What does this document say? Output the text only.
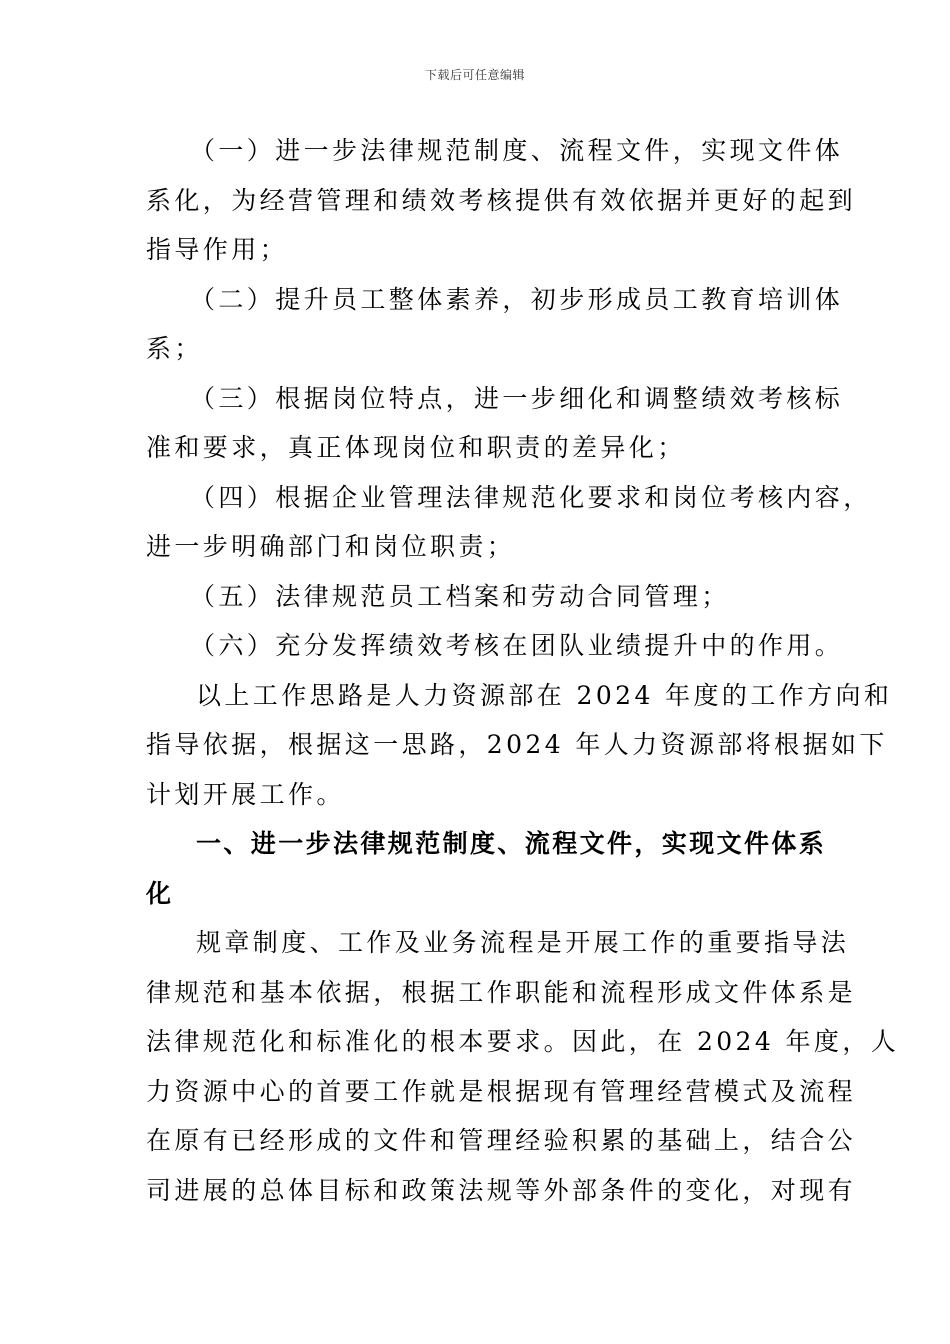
下载后可任意编辑
（一）进一步法律规范制度、流程文件，实现文件体
系化，为经营管理和绩效考核提供有效依据并更好的起到
指导作用；
（二）提升员工整体素养，初步形成员工教育培训体
系；
（三）根据岗位特点，进一步细化和调整绩效考核标
准和要求，真正体现岗位和职责的差异化；
（四）根据企业管理法律规范化要求和岗位考核内容，
进一步明确部门和岗位职责；
（五）法律规范员工档案和劳动合同管理；
（六）充分发挥绩效考核在团队业绩提升中的作用。
以上工作思路是人力资源部在 2024 年度的工作方向和
指导依据，根据这一思路，2024 年人力资源部将根据如下
计划开展工作。
一、进一步法律规范制度、流程文件，实现文件体系
化
规章制度、工作及业务流程是开展工作的重要指导法
律规范和基本依据，根据工作职能和流程形成文件体系是
法律规范化和标准化的根本要求。因此，在 2024 年度，人
力资源中心的首要工作就是根据现有管理经营模式及流程
在原有已经形成的文件和管理经验积累的基础上，结合公
司进展的总体目标和政策法规等外部条件的变化，对现有
